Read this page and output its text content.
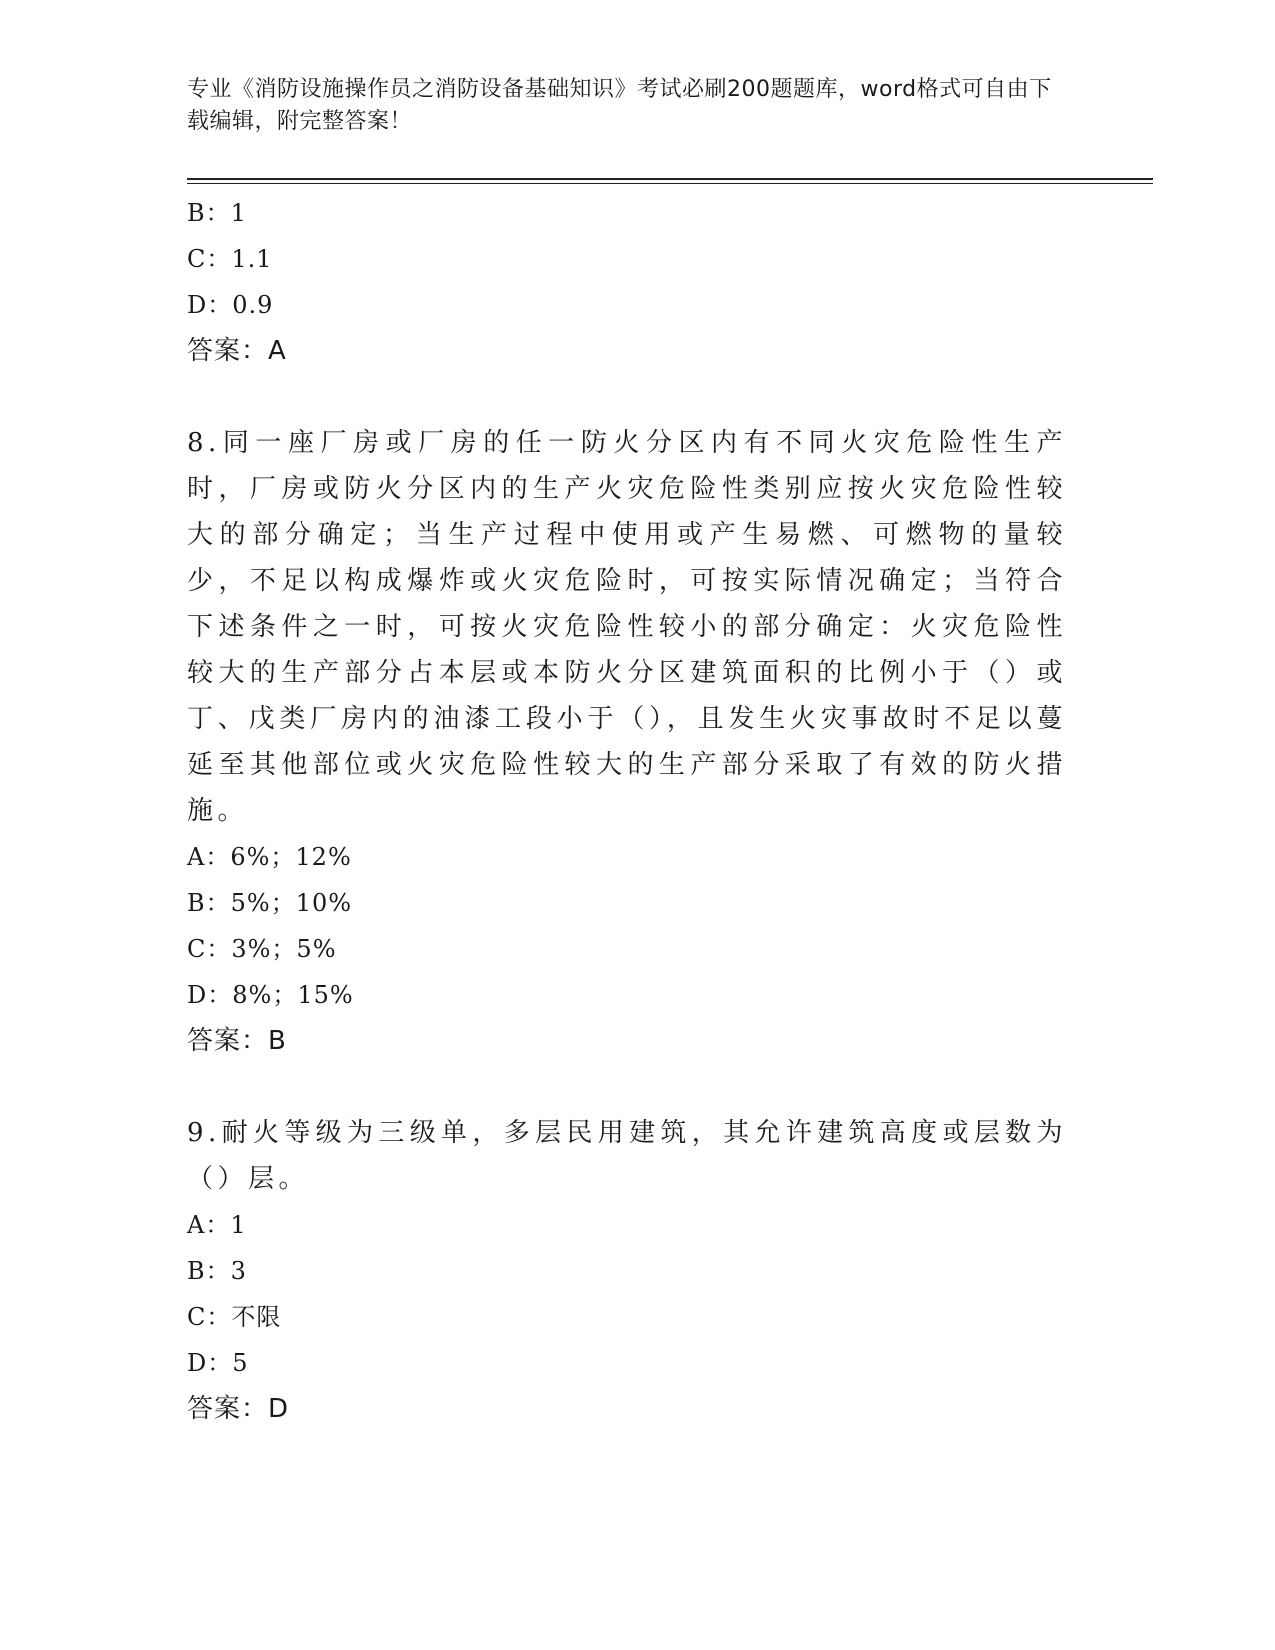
专业《消防设施操作员之消防设备基础知识》考试必刷200题题库，word格式可自由下载编辑，附完整答案！
B：1
C：1.1
D：0.9
答案：A
8.同一座厂房或厂房的任一防火分区内有不同火灾危险性生产时，厂房或防火分区内的生产火灾危险性类别应按火灾危险性较大的部分确定；当生产过程中使用或产生易燃、可燃物的量较少，不足以构成爆炸或火灾危险时，可按实际情况确定；当符合下述条件之一时，可按火灾危险性较小的部分确定：火灾危险性较大的生产部分占本层或本防火分区建筑面积的比例小于（）或丁、戊类厂房内的油漆工段小于（），且发生火灾事故时不足以蔓延至其他部位或火灾危险性较大的生产部分采取了有效的防火措施。
A：6%；12%
B：5%；10%
C：3%；5%
D：8%；15%
答案：B
9.耐火等级为三级单，多层民用建筑，其允许建筑高度或层数为（）层。
A：1
B：3
C：不限
D：5
答案：D
